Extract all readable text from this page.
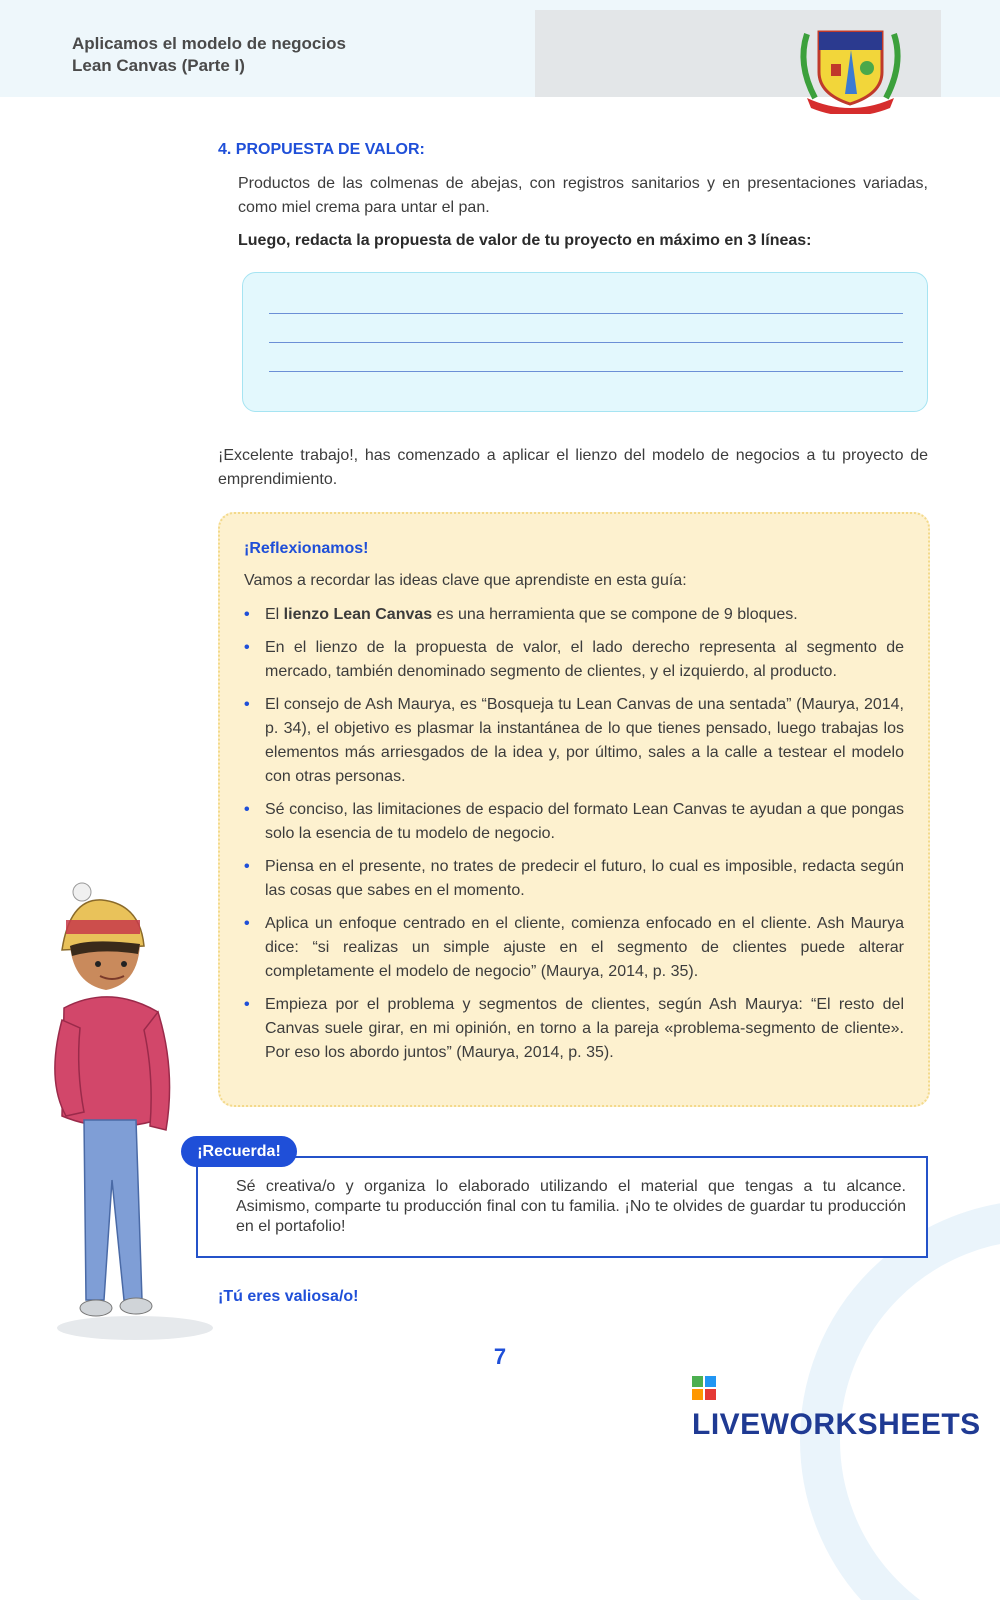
Aplicamos el modelo de negocios
Lean Canvas (Parte I)
4. PROPUESTA DE VALOR:
Productos de las colmenas de abejas, con registros sanitarios y en presentaciones variadas, como miel crema para untar el pan.
Luego, redacta la propuesta de valor de tu proyecto en máximo en 3 líneas:
¡Excelente trabajo!, has comenzado a aplicar el lienzo del modelo de negocios a tu proyecto de emprendimiento.
¡Reflexionamos!
Vamos a recordar las ideas clave que aprendiste en esta guía:
• El lienzo Lean Canvas es una herramienta que se compone de 9 bloques.
• En el lienzo de la propuesta de valor, el lado derecho representa al segmento de mercado, también denominado segmento de clientes, y el izquierdo, al producto.
• El consejo de Ash Maurya, es “Bosqueja tu Lean Canvas de una sentada” (Maurya, 2014, p. 34), el objetivo es plasmar la instantánea de lo que tienes pensado, luego trabajas los elementos más arriesgados de la idea y, por último, sales a la calle a testear el modelo con otras personas.
• Sé conciso, las limitaciones de espacio del formato Lean Canvas te ayudan a que pongas solo la esencia de tu modelo de negocio.
• Piensa en el presente, no trates de predecir el futuro, lo cual es imposible, redacta según las cosas que sabes en el momento.
• Aplica un enfoque centrado en el cliente, comienza enfocado en el cliente. Ash Maurya dice: “si realizas un simple ajuste en el segmento de clientes puede alterar completamente el modelo de negocio” (Maurya, 2014, p. 35).
• Empieza por el problema y segmentos de clientes, según Ash Maurya: “El resto del Canvas suele girar, en mi opinión, en torno a la pareja «problema-segmento de cliente». Por eso los abordo juntos” (Maurya, 2014, p. 35).
¡Recuerda!
Sé creativa/o y organiza lo elaborado utilizando el material que tengas a tu alcance. Asimismo, comparte tu producción final con tu familia. ¡No te olvides de guardar tu producción en el portafolio!
¡Tú eres valiosa/o!
7
LIVEWORKSHEETS
